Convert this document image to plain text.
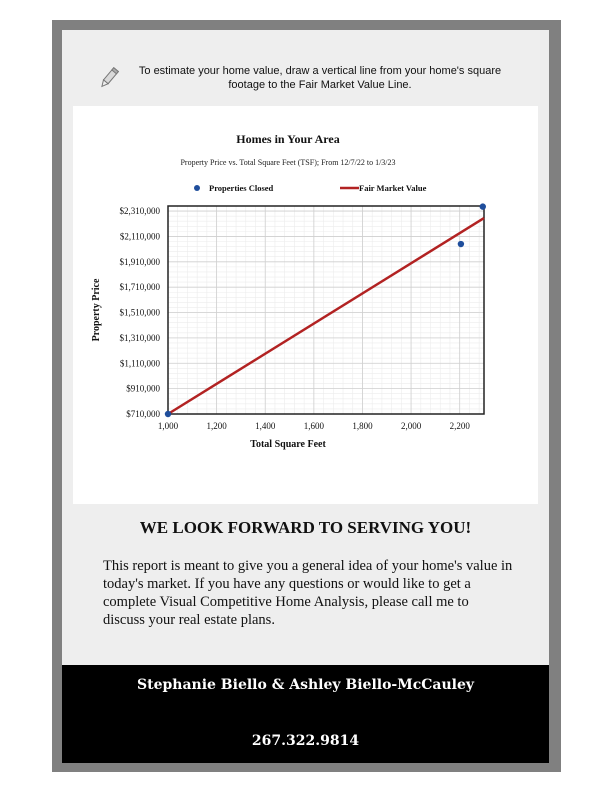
To estimate your home value, draw a vertical line from your home's square footage to the Fair Market Value Line.
Homes in Your Area
Property Price vs. Total Square Feet (TSF); From 12/7/22 to 1/3/23
Properties Closed	Fair Market Value
$710,000
$910,000
$1,110,000
$1,310,000
$1,510,000
$1,710,000
$1,910,000
$2,110,000
$2,310,000
1,000	1,200	1,400	1,600	1,800	2,000	2,200
Total Square Feet
Property Price
WE LOOK FORWARD TO SERVING YOU!
This report is meant to give you a general idea of your home's value in today's market. If you have any questions or would like to get a complete Visual Competitive Home Analysis, please call me to discuss your real estate plans.
Stephanie Biello & Ashley Biello-McCauley
267.322.9814
